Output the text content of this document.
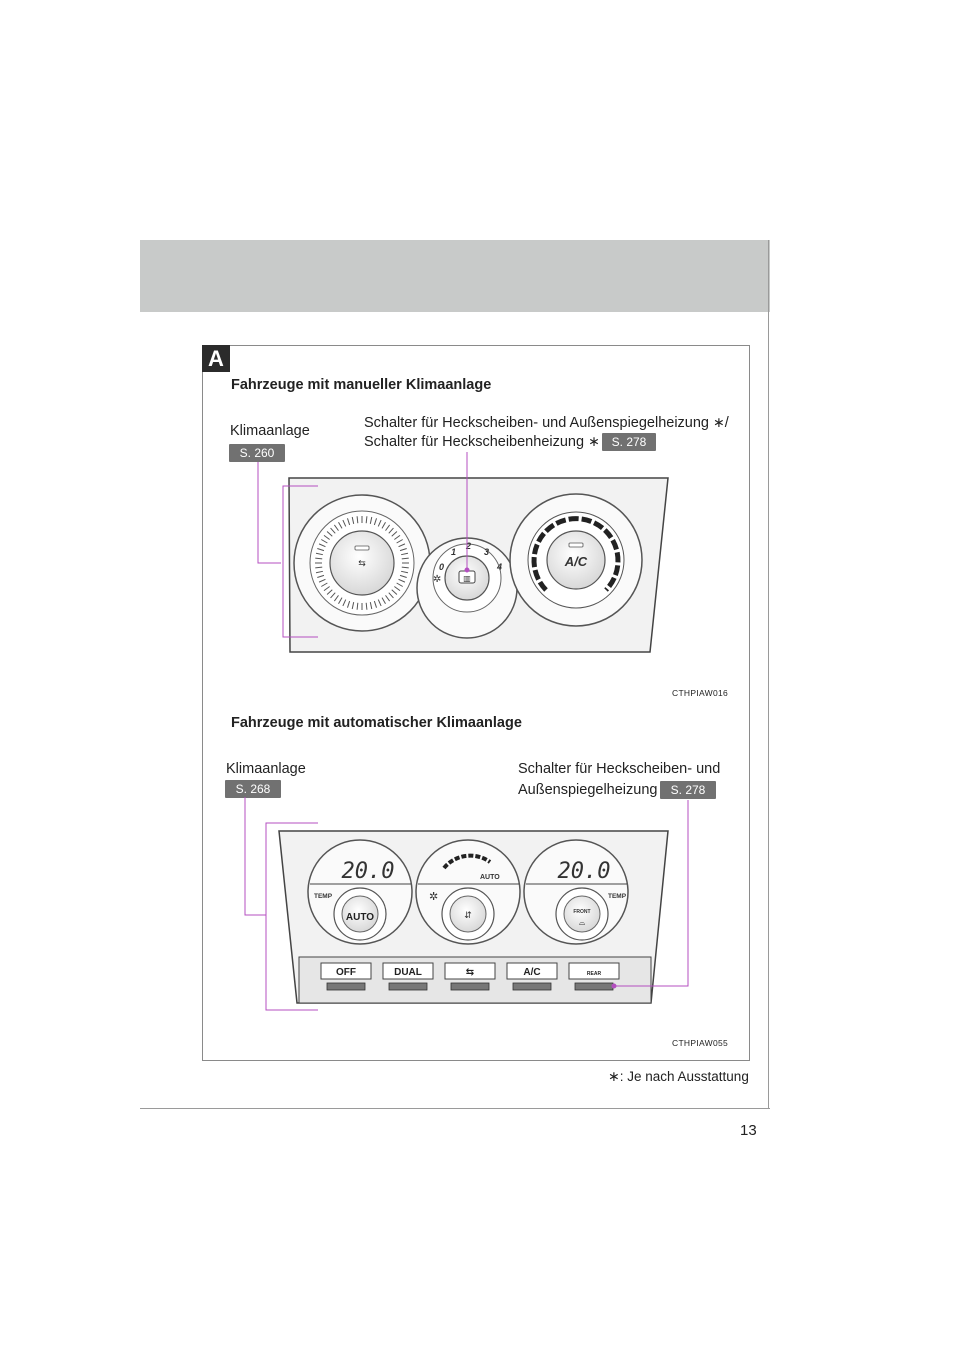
13
A
Fahrzeuge mit manueller Klimaanlage
Klimaanlage
S. 260
Schalter für Heckscheiben- und Außenspiegelheizung ∗/
Schalter für Heckscheibenheizung ∗ S. 278
CTHPIAW016
Fahrzeuge mit automatischer Klimaanlage
Klimaanlage
S. 268
Schalter für Heckscheiben- und
Außenspiegelheizung	S. 278
CTHPIAW055
∗: Je nach Ausstattung
⇆
▥
0
1
2
3
4
✲
A/C
20.0
TEMP
AUTO
AUTO
✲
⇵
20.0
TEMP
FRONT
⌓
OFF	DUAL	⇆	A/C	REAR
